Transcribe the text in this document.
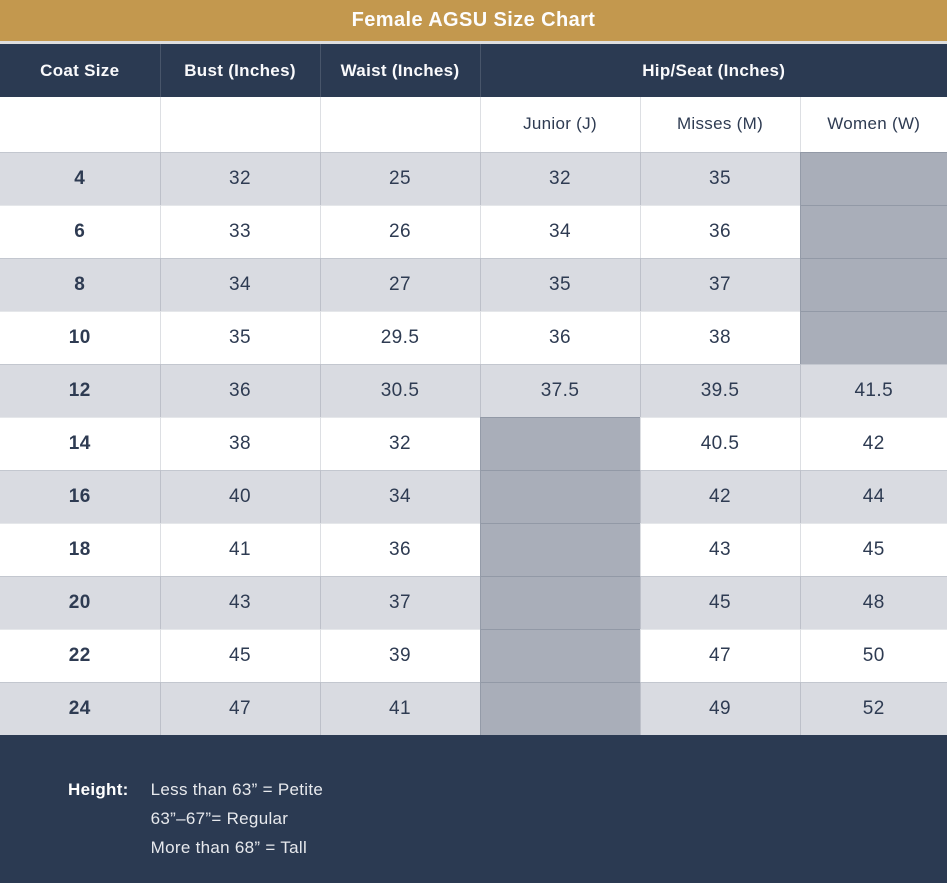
Female AGSU Size Chart
Coat Size	Bust (Inches)	Waist (Inches)	Hip/Seat (Inches)		
			Junior (J)	Misses (M)	Women (W)
4	32	25	32	35	
6	33	26	34	36	
8	34	27	35	37	
10	35	29.5	36	38	
12	36	30.5	37.5	39.5	41.5
14	38	32		40.5	42
16	40	34		42	44
18	41	36		43	45
20	43	37		45	48
22	45	39		47	50
24	47	41		49	52
Height: Less than 63” = Petite
63”–67”= Regular
More than 68” = Tall
